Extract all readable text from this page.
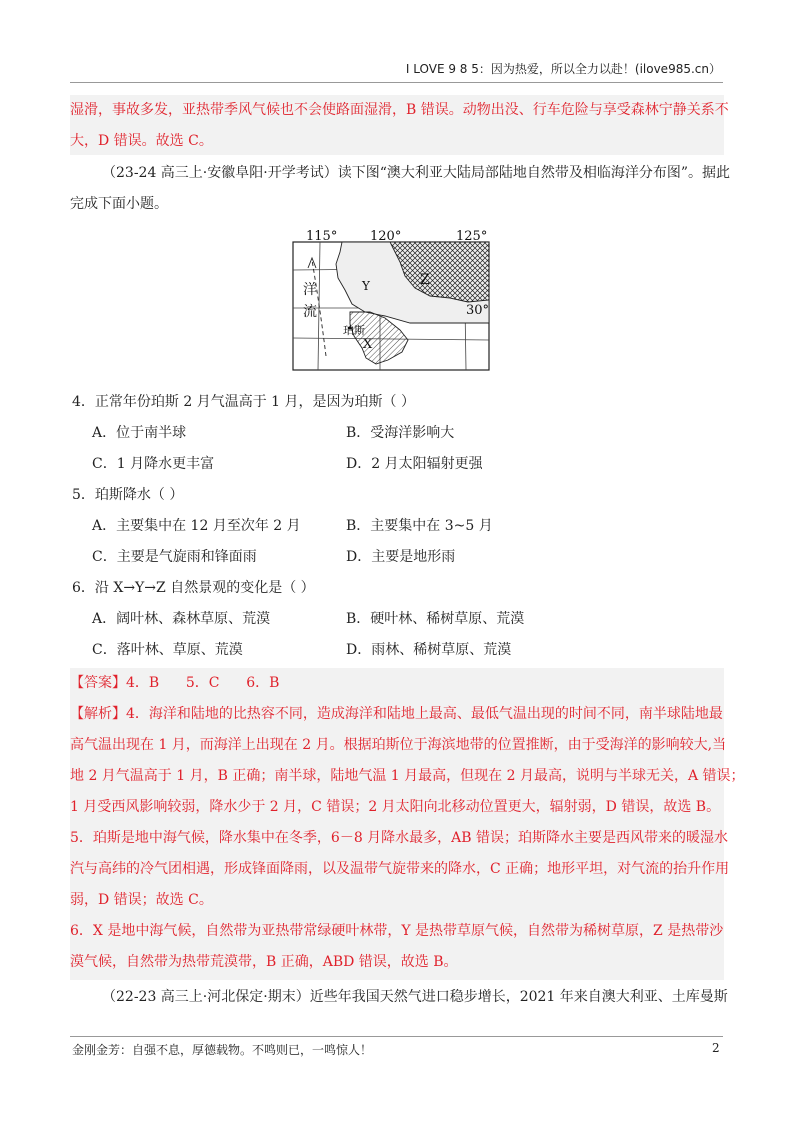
I LOVE 9 8 5：因为热爱，所以全力以赴！(ilove985.cn）
湿滑，事故多发，亚热带季风气候也不会使路面湿滑，B 错误。动物出没、行车危险与享受森林宁静关系不
大，D 错误。故选 C。
（23-24 高三上·安徽阜阳·开学考试）读下图“澳大利亚大陆局部陆地自然带及相临海洋分布图”。据此
完成下面小题。
115°	120°	125°
30°
洋
流
珀斯
X
Y	Z
4．正常年份珀斯 2 月气温高于 1 月，是因为珀斯（ ）
A．位于南半球	B．受海洋影响大
C．1 月降水更丰富	D．2 月太阳辐射更强
5．珀斯降水（ ）
A．主要集中在 12 月至次年 2 月	B．主要集中在 3~5 月
C．主要是气旋雨和锋面雨	D．主要是地形雨
6．沿 X→Y→Z 自然景观的变化是（ ）
A．阔叶林、森林草原、荒漠	B．硬叶林、稀树草原、荒漠
C．落叶林、草原、荒漠	D．雨林、稀树草原、荒漠
【答案】4．B      5．C      6．B
【解析】4．海洋和陆地的比热容不同，造成海洋和陆地上最高、最低气温出现的时间不同，南半球陆地最
高气温出现在 1 月，而海洋上出现在 2 月。根据珀斯位于海滨地带的位置推断，由于受海洋的影响较大,当
地 2 月气温高于 1 月，B 正确；南半球，陆地气温 1 月最高，但现在 2 月最高，说明与半球无关，A 错误；
1 月受西风影响较弱，降水少于 2 月，C 错误；2 月太阳向北移动位置更大，辐射弱，D 错误，故选 B。
5．珀斯是地中海气候，降水集中在冬季，6－8 月降水最多，AB 错误；珀斯降水主要是西风带来的暖湿水
汽与高纬的冷气团相遇，形成锋面降雨，以及温带气旋带来的降水，C 正确；地形平坦，对气流的抬升作用
弱，D 错误；故选 C。
6．X 是地中海气候，自然带为亚热带常绿硬叶林带，Y 是热带草原气候，自然带为稀树草原，Z 是热带沙
漠气候，自然带为热带荒漠带，B 正确，ABD 错误，故选 B。
（22-23 高三上·河北保定·期末）近些年我国天然气进口稳步增长，2021 年来自澳大利亚、土库曼斯
金刚金芳：自强不息，厚德载物。不鸣则已，一鸣惊人！	2
